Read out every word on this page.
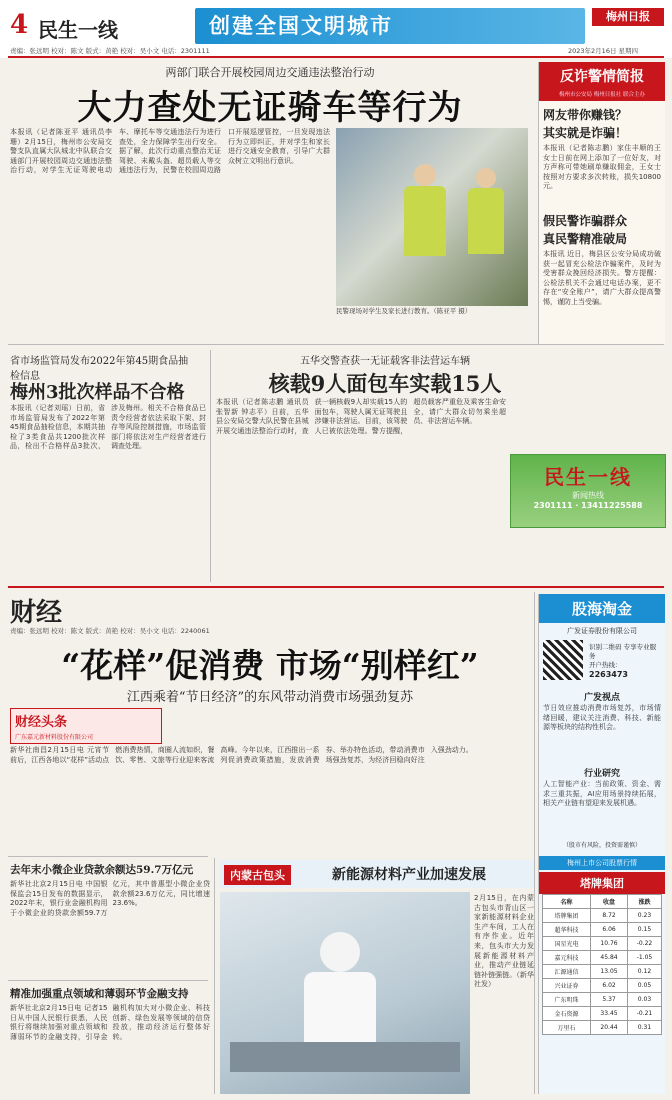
4 民生一线	创建全国文明城市	梅州日报
责编：张远明 校对：陈文 版式：黄艳 校对：吴小文 电话：2301111	2023年2月16日 星期四
两部门联合开展校园周边交通违法整治行动
大力查处无证骑车等行为
本报讯（记者陈亚平 通讯员李珊）2月15日，梅州市公安局交警支队直属大队城北中队联合交通部门开展校园周边交通违法整治行动，对学生无证驾驶电动车、摩托车等交通违法行为进行查处，全力保障学生出行安全。据了解，此次行动重点整治无证驾驶、未戴头盔、超员载人等交通违法行为，民警在校园周边路口开展巡逻管控，一旦发现违法行为立即纠正，并对学生和家长进行交通安全教育，引导广大群众树立文明出行意识。
民警现场对学生及家长进行教育。（陈亚平 摄）
反诈警情简报
梅州市公安局 梅州日报社 联合主办
网友带你赚钱？
其实就是诈骗！
本报讯（记者陈志鹏）家住丰顺的王女士日前在网上添加了一位好友，对方声称可带她刷单赚取佣金，王女士按照对方要求多次转账，损失10800元。
假民警诈骗群众
真民警精准破局
本报讯 近日，梅县区公安分局成功破获一起冒充公检法诈骗案件，及时为受害群众挽回经济损失。警方提醒：公检法机关不会通过电话办案，更不存在“安全账户”，请广大群众提高警惕，谨防上当受骗。
省市场监管局发布2022年第45期食品抽检信息
梅州3批次样品不合格
本报讯（记者刘瑶）日前，省市场监管局发布了2022年第45期食品抽检信息，本期共抽检了3类食品共1200批次样品，检出不合格样品3批次，涉及梅州。相关不合格食品已责令经营者依法采取下架、封存等风险控制措施，市场监管部门将依法对生产经营者进行调查处理。
五华交警查获一无证载客非法营运车辆
核载9人面包车实载15人
本报讯（记者陈志鹏 通讯员张智新 钟志平）日前，五华县公安局交警大队民警在县城开展交通违法整治行动时，查获一辆核载9人却实载15人的面包车，驾驶人属无证驾驶且涉嫌非法营运。目前，该驾驶人已被依法处理。警方提醒，超员载客严重危及乘客生命安全，请广大群众切勿乘坐超员、非法营运车辆。
民生一线
新闻热线
2301111 · 13411225588
财经
责编：张远明 校对：陈文 版式：黄艳 校对：吴小文 电话：2240061
“花样”促消费 市场“别样红”
江西乘着“节日经济”的东风带动消费市场强劲复苏
财经头条
广东嘉元新材料股份有限公司
新华社南昌2月15日电 元宵节前后，江西各地以“花样”活动点燃消费热情，商圈人流如织，餐饮、零售、文旅等行业迎来客流高峰。今年以来，江西推出一系列促消费政策措施，发放消费券、举办特色活动，带动消费市场强劲复苏，为经济回稳向好注入强劲动力。
股海淘金
广发证券股份有限公司
识别二维码 专享专业服务
开户热线：
2263473
广发视点
节日效应推动消费市场复苏，市场情绪回暖，建议关注消费、科技、新能源等板块的结构性机会。
行业研究
人工智能产业：当前政策、资金、需求三重共振，AI应用场景持续拓展，相关产业链有望迎来发展机遇。
（股市有风险，投资需谨慎）
梅州上市公司股票行情
塔牌集团
名称	收盘	涨跌
塔牌集团	8.72	0.23
超华科技	6.06	0.15
国星光电	10.76	-0.22
嘉元科技	45.84	-1.05
汇源通信	13.05	0.12
兴业证券	6.02	0.05
广东明珠	5.37	0.03
金石资源	33.45	-0.21
万里石	20.44	0.31
去年末小微企业贷款余额达59.7万亿元
新华社北京2月15日电 中国银保监会15日发布的数据显示，2022年末，银行业金融机构用于小微企业的贷款余额59.7万亿元，其中普惠型小微企业贷款余额23.6万亿元，同比增速23.6%。
精准加强重点领域和薄弱环节金融支持
新华社北京2月15日电 记者15日从中国人民银行获悉，人民银行将继续加强对重点领域和薄弱环节的金融支持，引导金融机构加大对小微企业、科技创新、绿色发展等领域的信贷投放，推动经济运行整体好转。
内蒙古包头	新能源材料产业加速发展
2月15日，在内蒙古包头市青山区一家新能源材料企业生产车间，工人在有序作业。近年来，包头市大力发展新能源材料产业，推动产业链延链补链强链。（新华社发）
